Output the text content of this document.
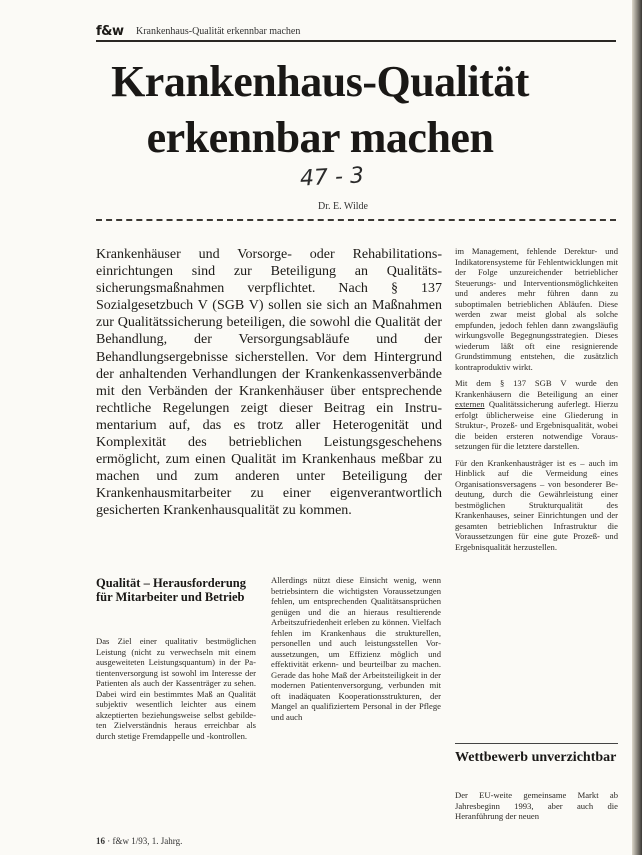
f&w Krankenhaus-Qualität erkennbar machen
Krankenhaus-Qualität
erkennbar machen
47 - 3
Dr. E. Wilde
Krankenhäuser und Vorsorge- oder Rehabilitationseinrichtungen sind zur Beteiligung an Qualitätssicherungsmaßnahmen verpflichtet. Nach § 137 Sozialgesetzbuch V (SGB V) sollen sie sich an Maßnahmen zur Qualitätssicherung beteiligen, die sowohl die Qualität der Behandlung, der Versorgungsabläufe und der Behandlungsergebnisse sicherstellen. Vor dem Hintergrund der anhaltenden Verhandlungen der Krankenkassenverbände mit den Verbänden der Krankenhäuser über entsprechende rechtliche Regelungen zeigt dieser Beitrag ein Instrumentarium auf, das es trotz aller Heterogenität und Komplexität des betrieblichen Leistungsgeschehens ermöglicht, zum einen Qualität im Krankenhaus meßbar zu machen und zum anderen unter Beteiligung der Krankenhausmitarbeiter zu einer eigenverantwortlich gesicherten Krankenhausqualität zu kommen.
Qualität – Herausforderung für Mitarbeiter und Betrieb

Das Ziel einer qualitativ bestmöglichen Leistung (nicht zu verwechseln mit einem ausgeweiteten Leistungsquantum) in der Patientenversorgung ist sowohl im Interesse der Patienten als auch der Kassenträger zu sehen. Dabei wird ein bestimmtes Maß an Qualität subjektiv wesentlich leichter aus einem akzeptierten beziehungsweise selbst gebildeten Zielverständnis heraus erreichbar als durch stetige Fremdappelle und -kontrollen.

Allerdings nützt diese Einsicht wenig, wenn betriebsintern die wichtigsten Voraussetzungen fehlen, um entsprechenden Qualitätsansprüchen genügen und die an hieraus resultierende Arbeitszufriedenheit erleben zu können. Vielfach fehlen im Krankenhaus die strukturellen, personellen und auch leistungsstellen Voraussetzungen, um Effizienz möglich und effektivität erkenn- und beurteilbar zu machen. Gerade das hohe Maß der Arbeitsteiligkeit in der modernen Patientenversorgung, verbunden mit oft inadäquaten Kooperationsstrukturen, der Mangel an qualifiziertem Personal in der Pflege und auch

im Management, fehlende Derektur- und Indikatorensysteme für Fehlentwicklungen mit der Folge unzureichender betrieblicher Steuerungs- und Interventionsmöglichkeiten und anderes mehr führen dann zu suboptimalen betrieblichen Abläufen. Diese werden zwar meist global als solche empfunden, jedoch fehlen dann zwangsläufig wirkungsvolle Begegnungsstrategien. Dieses wiederum läßt oft eine resignierende Grundstimmung entstehen, die zusätzlich kontraproduktiv wirkt.

Mit dem § 137 SGB V wurde den Krankenhäusern die Beteiligung an einer externen Qualitätssicherung auferlegt. Hierzu erfolgt üblicherweise eine Gliederung in Struktur-, Prozeß- und Ergebnisqualität, wobei die beiden ersteren notwendige Voraussetzungen für die letztere darstellen.

Für den Krankenhausträger ist es – auch im Hinblick auf die Vermeidung eines Organisationsversagens – von besonderer Bedeutung, durch die Gewährleistung einer bestmöglichen Strukturqualität des Krankenhauses, seiner Einrichtungen und der gesamten betrieblichen Infrastruktur die Voraussetzungen für eine gute Prozeß- und Ergebnisqualität herzustellen.

Wettbewerb unverzichtbar

Der EU-weite gemeinsame Markt ab Jahresbeginn 1993, aber auch die Heranführung der neuen

16 · f&w 1/93, 1. Jahrg.
